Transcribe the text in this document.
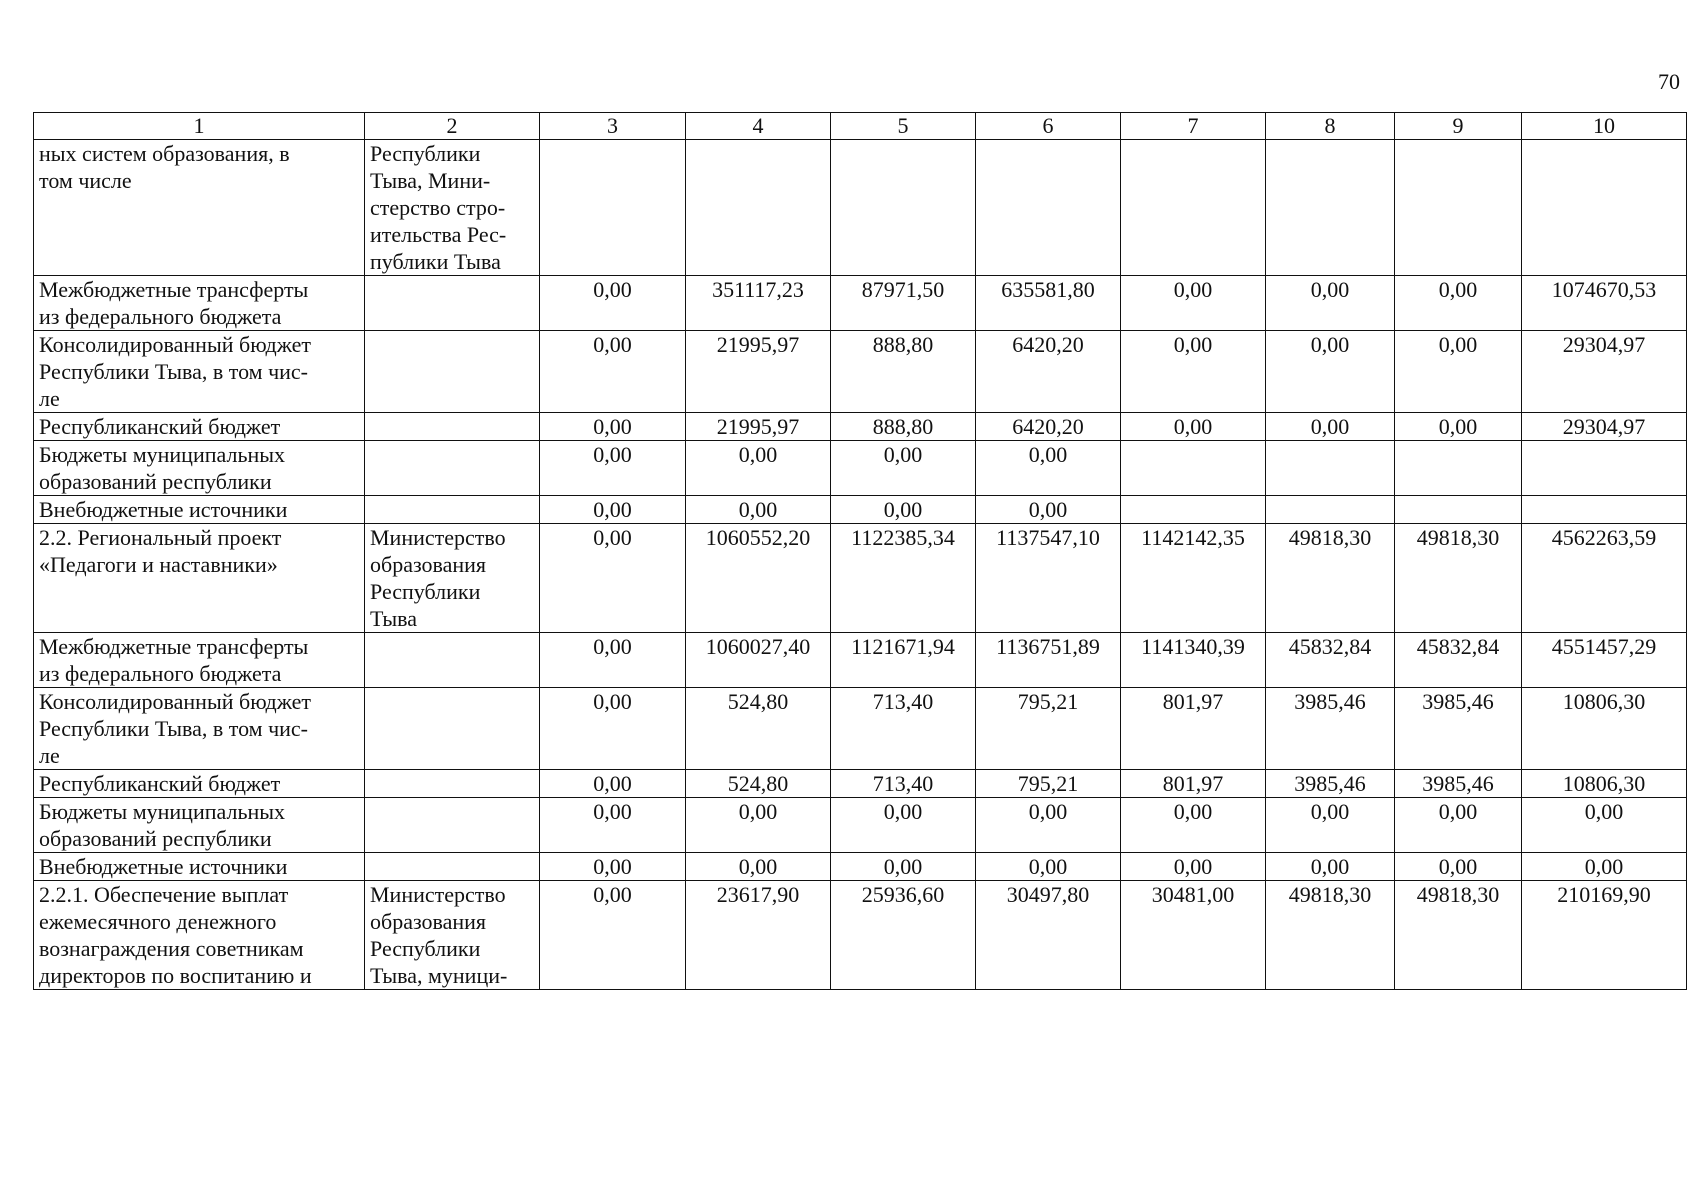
70
1	2	3	4	5	6	7	8	9	10
ных систем образования, в
том числе	Республики
Тыва, Мини-
стерство стро-
ительства Рес-
публики Тыва								
Межбюджетные трансферты
из федерального бюджета		0,00	351117,23	87971,50	635581,80	0,00	0,00	0,00	1074670,53
Консолидированный бюджет
Республики Тыва, в том чис-
ле		0,00	21995,97	888,80	6420,20	0,00	0,00	0,00	29304,97
Республиканский бюджет		0,00	21995,97	888,80	6420,20	0,00	0,00	0,00	29304,97
Бюджеты муниципальных
образований республики		0,00	0,00	0,00	0,00				
Внебюджетные источники		0,00	0,00	0,00	0,00				
2.2. Региональный проект
«Педагоги и наставники»	Министерство
образования
Республики
Тыва	0,00	1060552,20	1122385,34	1137547,10	1142142,35	49818,30	49818,30	4562263,59
Межбюджетные трансферты
из федерального бюджета		0,00	1060027,40	1121671,94	1136751,89	1141340,39	45832,84	45832,84	4551457,29
Консолидированный бюджет
Республики Тыва, в том чис-
ле		0,00	524,80	713,40	795,21	801,97	3985,46	3985,46	10806,30
Республиканский бюджет		0,00	524,80	713,40	795,21	801,97	3985,46	3985,46	10806,30
Бюджеты муниципальных
образований республики		0,00	0,00	0,00	0,00	0,00	0,00	0,00	0,00
Внебюджетные источники		0,00	0,00	0,00	0,00	0,00	0,00	0,00	0,00
2.2.1. Обеспечение выплат
ежемесячного денежного
вознаграждения советникам
директоров по воспитанию и	Министерство
образования
Республики
Тыва, муници-	0,00	23617,90	25936,60	30497,80	30481,00	49818,30	49818,30	210169,90
